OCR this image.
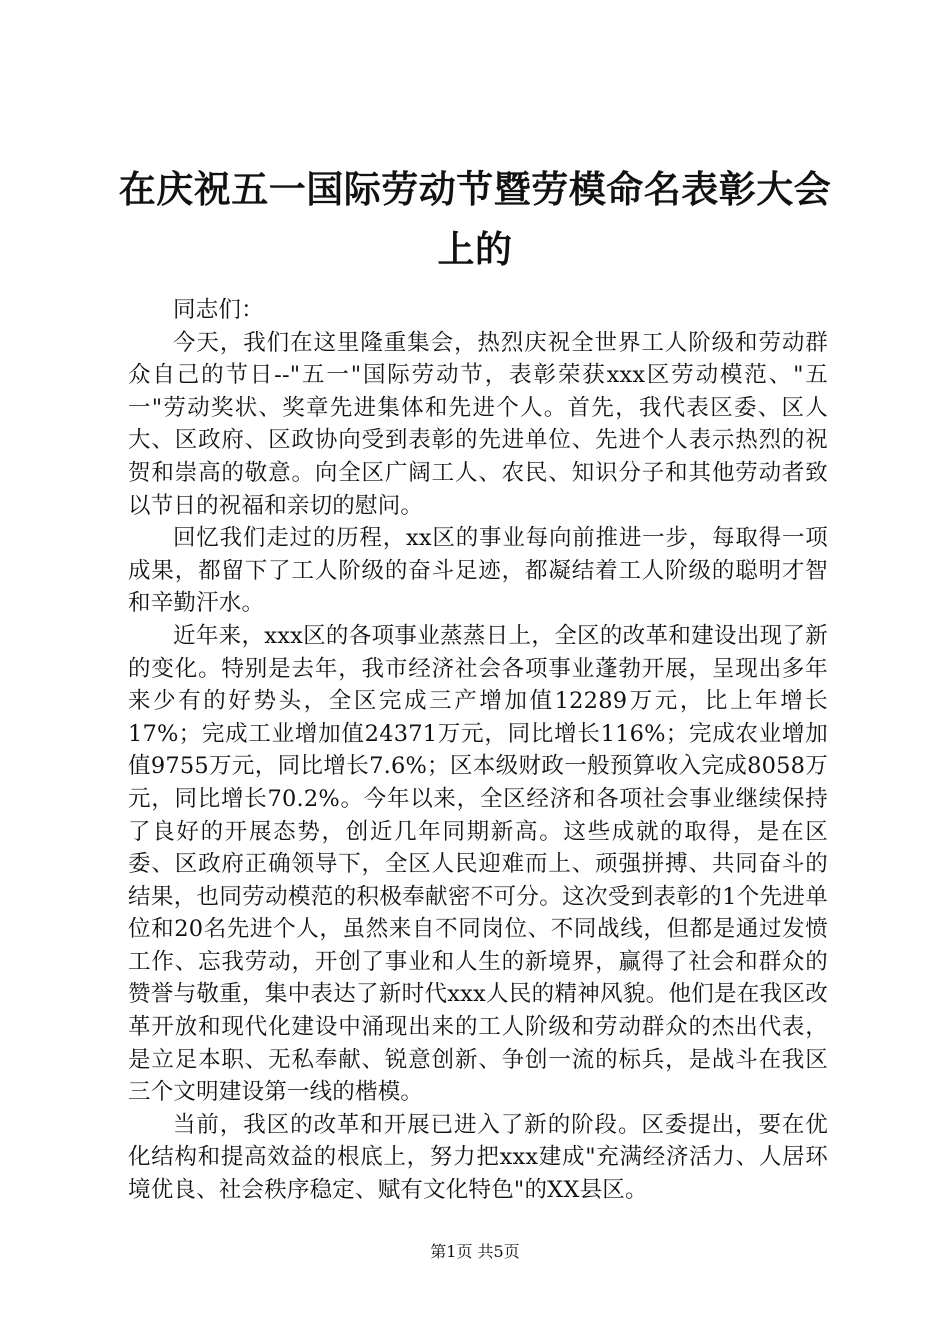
在庆祝五一国际劳动节暨劳模命名表彰大会上的

同志们：

今天，我们在这里隆重集会，热烈庆祝全世界工人阶级和劳动群众自己的节日--"五一"国际劳动节，表彰荣获xxx区劳动模范、"五一"劳动奖状、奖章先进集体和先进个人。首先，我代表区委、区人大、区政府、区政协向受到表彰的先进单位、先进个人表示热烈的祝贺和崇高的敬意。向全区广阔工人、农民、知识分子和其他劳动者致以节日的祝福和亲切的慰问。

回忆我们走过的历程，xx区的事业每向前推进一步，每取得一项成果，都留下了工人阶级的奋斗足迹，都凝结着工人阶级的聪明才智和辛勤汗水。

近年来，xxx区的各项事业蒸蒸日上，全区的改革和建设出现了新的变化。特别是去年，我市经济社会各项事业蓬勃开展，呈现出多年来少有的好势头，全区完成三产增加值12289万元，比上年增长17%；完成工业增加值24371万元，同比增长116%；完成农业增加值9755万元，同比增长7.6%；区本级财政一般预算收入完成8058万元，同比增长70.2%。今年以来，全区经济和各项社会事业继续保持了良好的开展态势，创近几年同期新高。这些成就的取得，是在区委、区政府正确领导下，全区人民迎难而上、顽强拼搏、共同奋斗的结果，也同劳动模范的积极奉献密不可分。这次受到表彰的1个先进单位和20名先进个人，虽然来自不同岗位、不同战线，但都是通过发愤工作、忘我劳动，开创了事业和人生的新境界，赢得了社会和群众的赞誉与敬重，集中表达了新时代xxx人民的精神风貌。他们是在我区改革开放和现代化建设中涌现出来的工人阶级和劳动群众的杰出代表，是立足本职、无私奉献、锐意创新、争创一流的标兵，是战斗在我区三个文明建设第一线的楷模。

当前，我区的改革和开展已进入了新的阶段。区委提出，要在优化结构和提高效益的根底上，努力把xxx建成"充满经济活力、人居环境优良、社会秩序稳定、赋有文化特色"的XX县区。

第1页 共5页
